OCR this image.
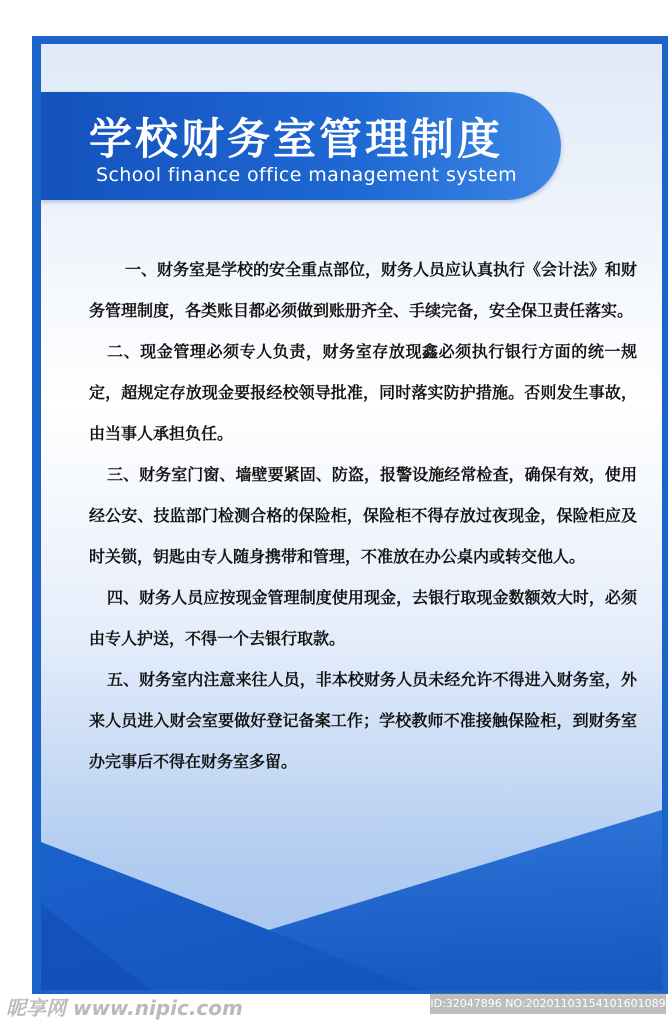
学校财务室管理制度
School finance office management system

一、财务室是学校的安全重点部位，财务人员应认真执行《会计法》和财务管理制度，各类账目都必须做到账册齐全、手续完备，安全保卫责任落实。

二、现金管理必须专人负责，财务室存放现鑫必须执行银行方面的统一规定，超规定存放现金要报经校领导批准，同时落实防护措施。否则发生事故，由当事人承担负任。

三、财务室门窗、墙壁要紧固、防盗，报警设施经常检查，确保有效，使用经公安、技监部门检测合格的保险柜，保险柜不得存放过夜现金，保险柜应及时关锁，钥匙由专人随身携带和管理，不准放在办公桌内或转交他人。

四、财务人员应按现金管理制度使用现金，去银行取现金数额效大时，必须由专人护送，不得一个去银行取款。

五、财务室内注意来往人员，非本校财务人员未经允许不得进入财务室，外来人员进入财会室要做好登记备案工作；学校教师不准接触保险柜，到财务室办完事后不得在财务室多留。

昵享网 www.nipic.com	ID:32047896 NO:20201103154101601089
